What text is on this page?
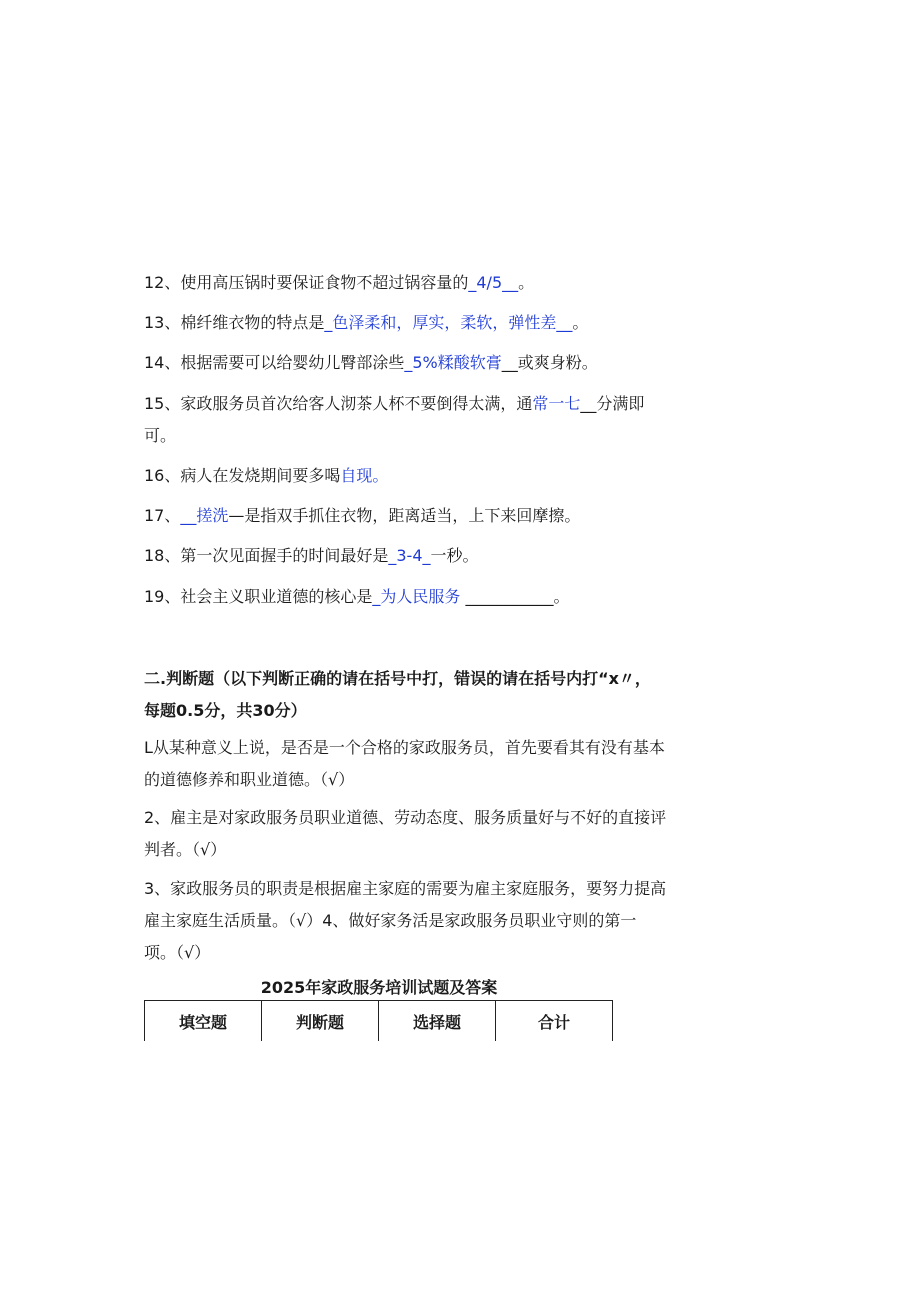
12、使用高压锅时要保证食物不超过锅容量的_4/5__。
13、棉纤维衣物的特点是_色泽柔和，厚实，柔软，弹性差__。
14、根据需要可以给婴幼儿臀部涂些_5%糅酸软膏__或爽身粉。
15、家政服务员首次给客人沏茶人杯不要倒得太满，通常一七__分满即
可。
16、病人在发烧期间要多喝自现。
17、__搓洗—是指双手抓住衣物，距离适当，上下来回摩擦。
18、第一次见面握手的时间最好是_3-4_一秒。
19、社会主义职业道德的核心是_为人民服务 ___________。
二.判断题（以下判断正确的请在括号中打，错误的请在括号内打“x〃，
每题0.5分，共30分）
L从某种意义上说，是否是一个合格的家政服务员，首先要看其有没有基本
的道德修养和职业道德。（√）
2、雇主是对家政服务员职业道德、劳动态度、服务质量好与不好的直接评
判者。（√）
3、家政服务员的职责是根据雇主家庭的需要为雇主家庭服务，要努力提高
雇主家庭生活质量。（√）4、做好家务活是家政服务员职业守则的第一
项。（√）
2025年家政服务培训试题及答案
填空题	判断题	选择题	合计
